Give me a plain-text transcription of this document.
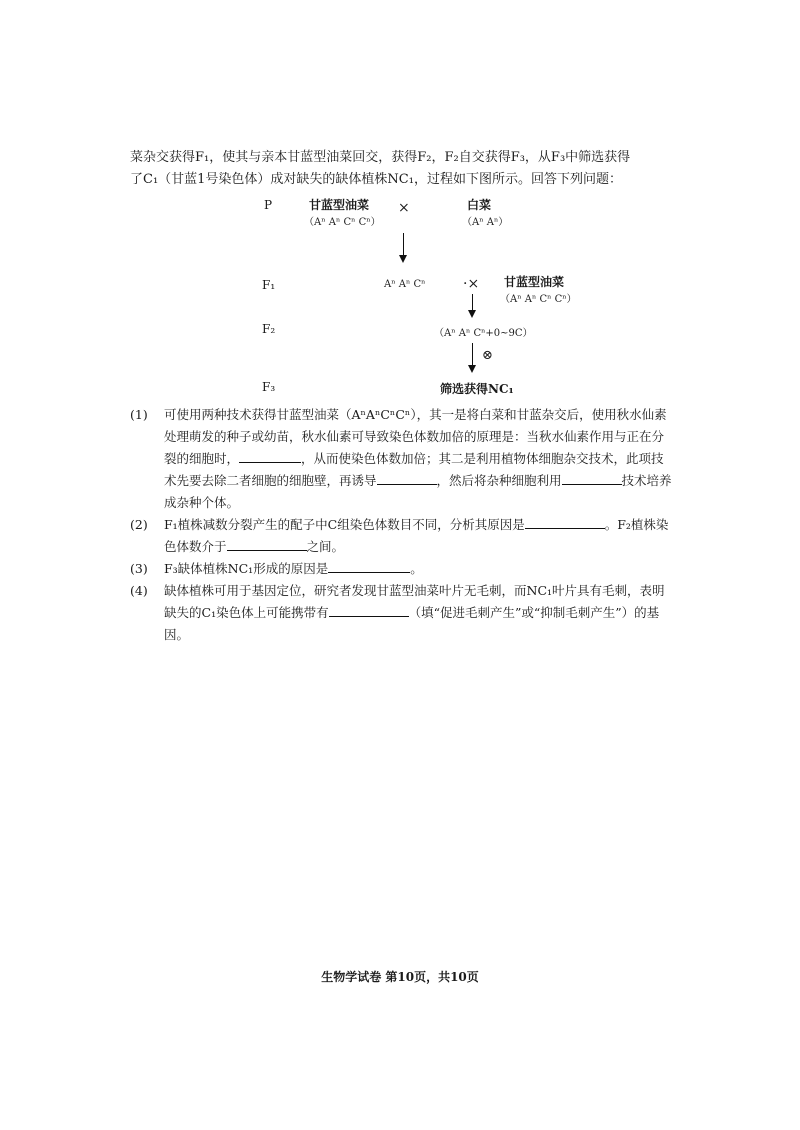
菜杂交获得F₁，使其与亲本甘蓝型油菜回交，获得F₂，F₂自交获得F₃，从F₃中筛选获得
了C₁（甘蓝1号染色体）成对缺失的缺体植株NC₁，过程如下图所示。回答下列问题：
P
F₁
F₂
F₃
甘蓝型油菜
（Aⁿ Aⁿ Cⁿ Cⁿ）
×	白菜
（Aⁿ Aⁿ）
Aⁿ Aⁿ Cⁿ	·× 甘蓝型油菜
（Aⁿ Aⁿ Cⁿ Cⁿ）
（Aⁿ Aⁿ Cⁿ+0~9C）
⊗
筛选获得NC₁
(1) 可使用两种技术获得甘蓝型油菜（AⁿAⁿCⁿCⁿ），其一是将白菜和甘蓝杂交后，使用秋水仙素处理萌发的种子或幼苗，秋水仙素可导致染色体数加倍的原理是：当秋水仙素作用与正在分裂的细胞时，	，从而使染色体数加倍；其二是利用植物体细胞杂交技术，此项技术先要去除二者细胞的细胞壁，再诱导	，然后将杂种细胞利用	技术培养成杂种个体。
(2) F₁植株减数分裂产生的配子中C组染色体数目不同，分析其原因是	。F₂植株染色体数介于	之间。
(3) F₃缺体植株NC₁形成的原因是	。
(4) 缺体植株可用于基因定位，研究者发现甘蓝型油菜叶片无毛刺，而NC₁叶片具有毛刺，表明缺失的C₁染色体上可能携带有	（填“促进毛刺产生”或“抑制毛刺产生”）的基因。
生物学试卷 第10页，共10页
